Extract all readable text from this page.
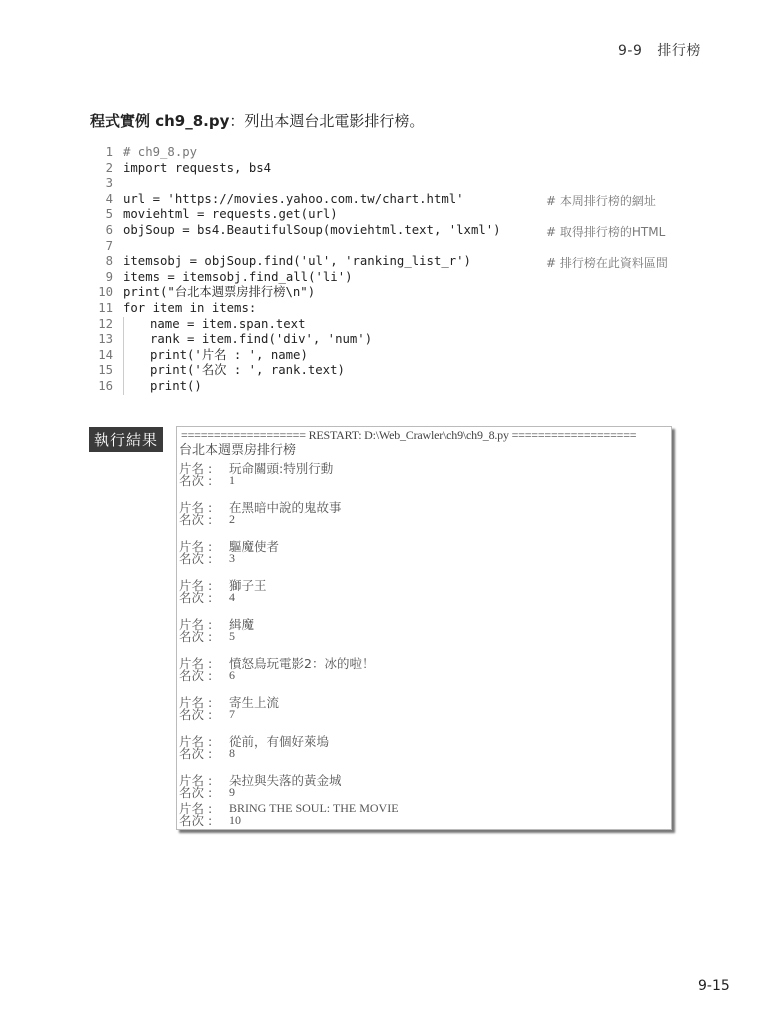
9-9 排行榜
程式實例 ch9_8.py：列出本週台北電影排行榜。
1 # ch9_8.py
2 import requests, bs4
3
4 url = 'https://movies.yahoo.com.tw/chart.html'
5 moviehtml = requests.get(url)
6 objSoup = bs4.BeautifulSoup(moviehtml.text, 'lxml')
7
8 itemsobj = objSoup.find('ul', 'ranking_list_r')
9 items = itemsobj.find_all('li')
10 print("台北本週票房排行榜\n")
11 for item in items:
12	name = item.span.text
13	rank = item.find('div', 'num')
14	print('片名 : ', name)
15	print('名次 : ', rank.text)
16	print()
# 本周排行榜的網址
# 取得排行榜的HTML
# 排行榜在此資料區間
執行結果	=================== RESTART: D:\Web_Crawler\ch9\ch9_8.py ===================
台北本週票房排行榜
片名 :	玩命關頭:特別行動
名次 :	1
片名 :	在黑暗中說的鬼故事
名次 :	2
片名 :	驅魔使者
名次 :	3
片名 :	獅子王
名次 :	4
片名 :	緝魔
名次 :	5
片名 :	憤怒鳥玩電影2：冰的啦！
名次 :	6
片名 :	寄生上流
名次 :	7
片名 :	從前，有個好萊塢
名次 :	8
片名 :	朵拉與失落的黃金城
名次 :	9
片名 :	BRING THE SOUL: THE MOVIE
名次 :	10
9-15
